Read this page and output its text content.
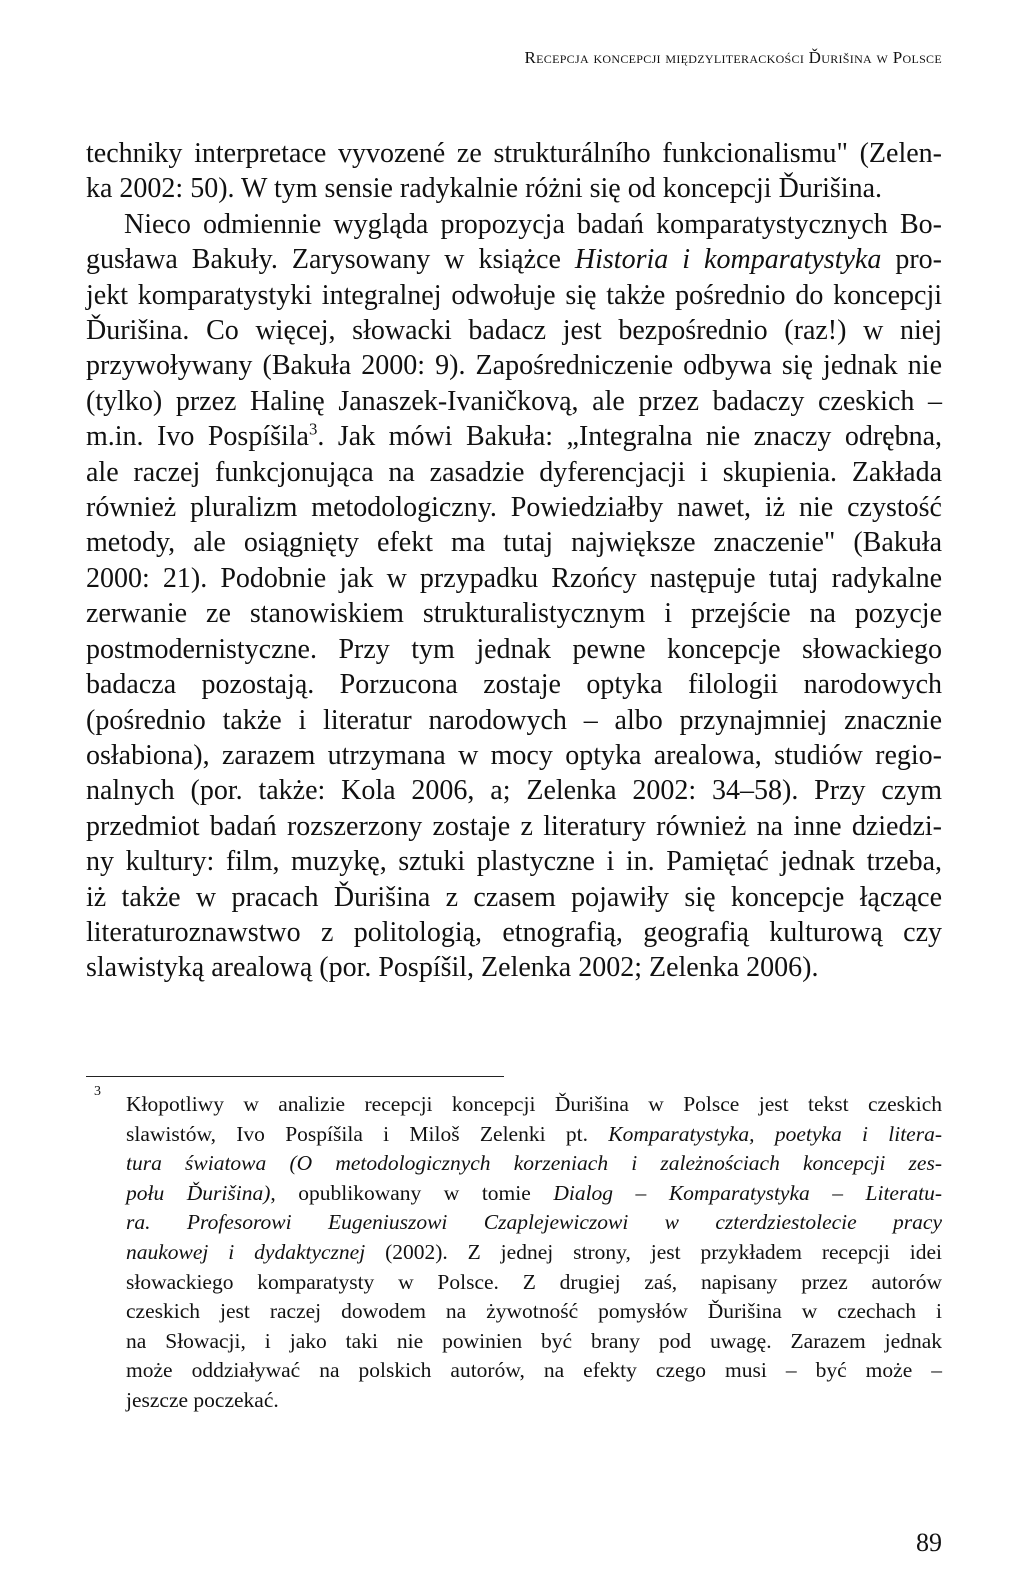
Recepcja koncepcji międzyliterackości Ďurišina w Polsce
techniky interpretace vyvozené ze strukturálního funkcionalismu" (Zelen-
ka 2002: 50). W tym sensie radykalnie różni się od koncepcji Ďurišina.
Nieco odmiennie wygląda propozycja badań komparatystycznych Bo-
gusława Bakuły. Zarysowany w książce Historia i komparatystyka pro-
jekt komparatystyki integralnej odwołuje się także pośrednio do koncepcji
Ďurišina. Co więcej, słowacki badacz jest bezpośrednio (raz!) w niej
przywoływany (Bakuła 2000: 9). Zapośredniczenie odbywa się jednak nie
(tylko) przez Halinę Janaszek-Ivaničkovą, ale przez badaczy czeskich –
m.in. Ivo Pospíšila$^3$. Jak mówi Bakuła: „Integralna nie znaczy odrębna,
ale raczej funkcjonująca na zasadzie dyferencjacji i skupienia. Zakłada
również pluralizm metodologiczny. Powiedziałby nawet, iż nie czystość
metody, ale osiągnięty efekt ma tutaj największe znaczenie" (Bakuła
2000: 21). Podobnie jak w przypadku Rzońcy następuje tutaj radykalne
zerwanie ze stanowiskiem strukturalistycznym i przejście na pozycje
postmodernistyczne. Przy tym jednak pewne koncepcje słowackiego
badacza pozostają. Porzucona zostaje optyka filologii narodowych
(pośrednio także i literatur narodowych – albo przynajmniej znacznie
osłabiona), zarazem utrzymana w mocy optyka arealowa, studiów regio-
nalnych (por. także: Kola 2006, a; Zelenka 2002: 34–58). Przy czym
przedmiot badań rozszerzony zostaje z literatury również na inne dziedzi-
ny kultury: film, muzykę, sztuki plastyczne i in. Pamiętać jednak trzeba,
iż także w pracach Ďurišina z czasem pojawiły się koncepcje łączące
literaturoznawstwo z politologią, etnografią, geografią kulturową czy
slawistyką arealową (por. Pospíšil, Zelenka 2002; Zelenka 2006).
3
Kłopotliwy w analizie recepcji koncepcji Ďurišina w Polsce jest tekst czeskich
slawistów, Ivo Pospíšila i Miloš Zelenki pt. Komparatystyka, poetyka i litera-
tura światowa (O metodologicznych korzeniach i zależnościach koncepcji zes-
połu Ďurišina), opublikowany w tomie Dialog – Komparatystyka – Literatu-
ra. Profesorowi Eugeniuszowi Czaplejewiczowi w czterdziestolecie pracy
naukowej i dydaktycznej (2002). Z jednej strony, jest przykładem recepcji idei
słowackiego komparatysty w Polsce. Z drugiej zaś, napisany przez autorów
czeskich jest raczej dowodem na żywotność pomysłów Ďurišina w czechach i
na Słowacji, i jako taki nie powinien być brany pod uwagę. Zarazem jednak
może oddziaływać na polskich autorów, na efekty czego musi – być może –
jeszcze poczekać.
89
